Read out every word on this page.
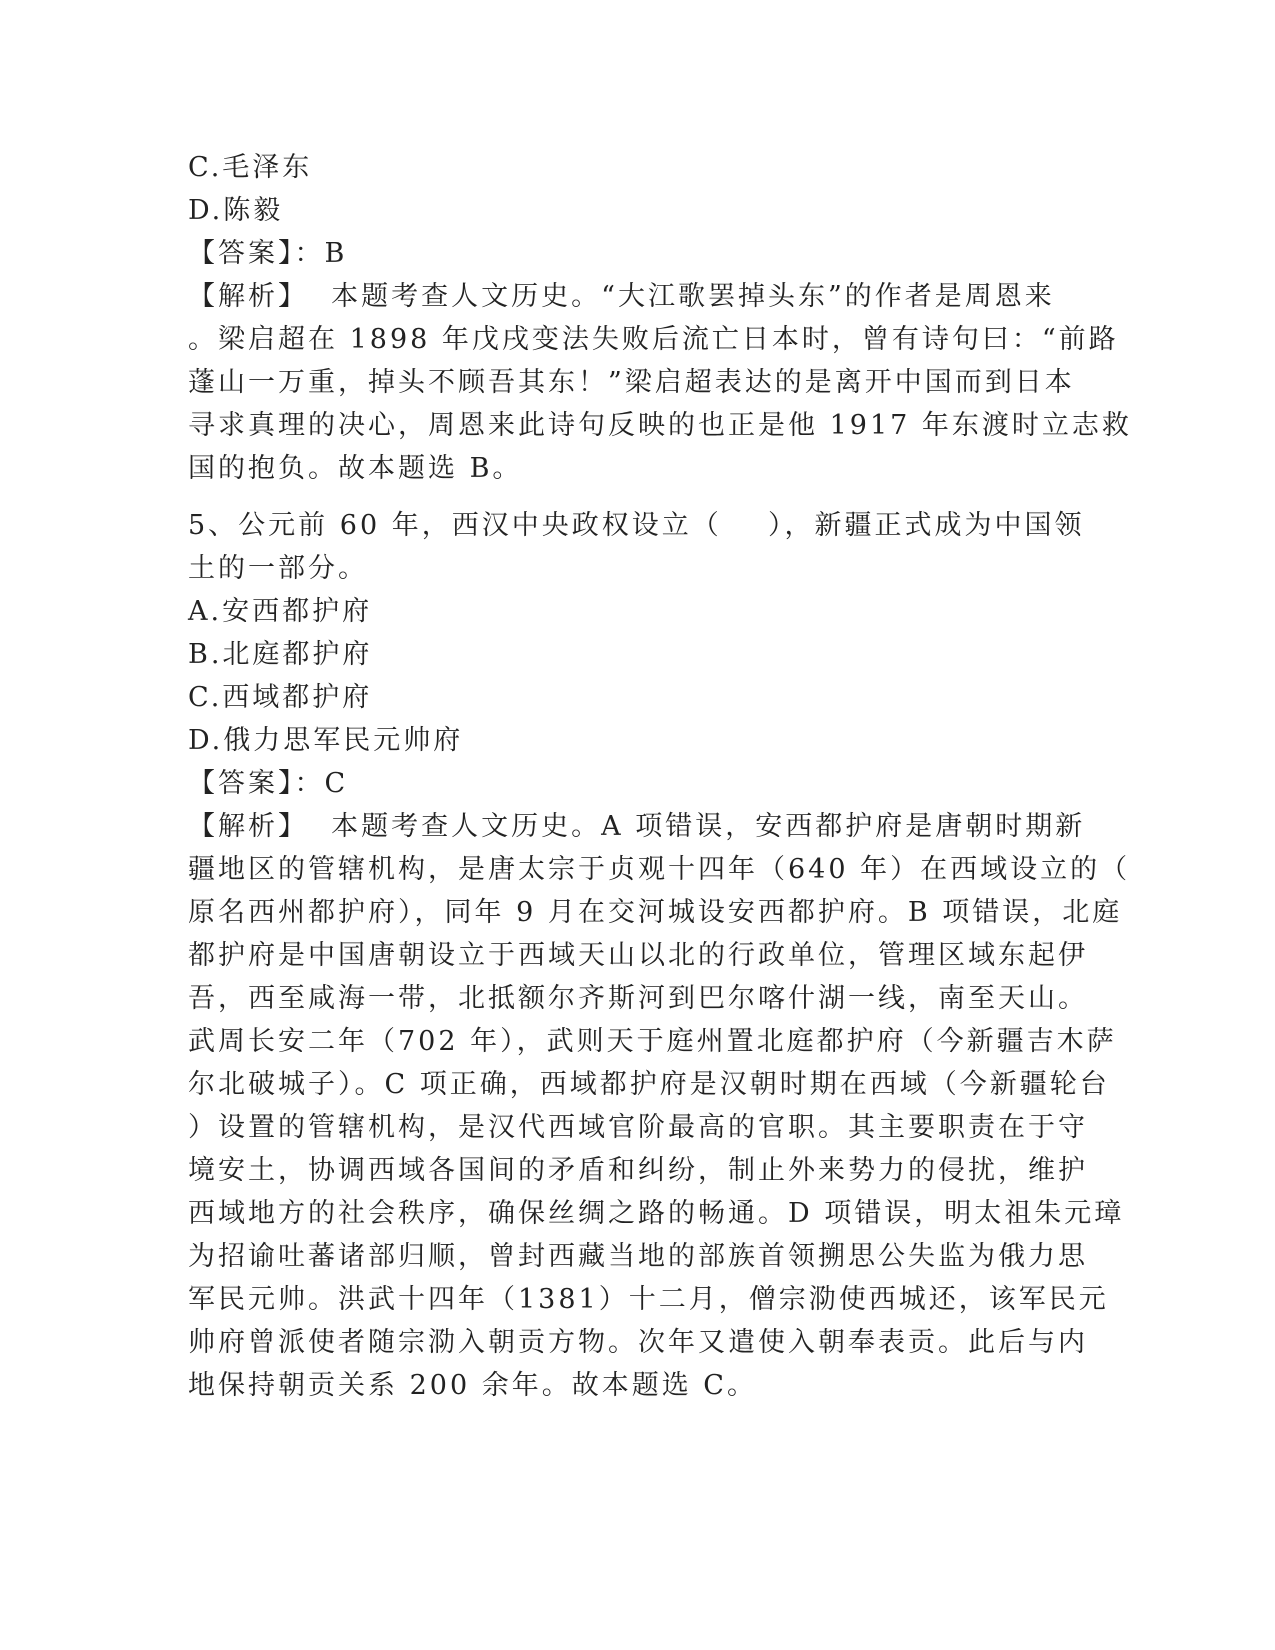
C.毛泽东
D.陈毅
【答案】：B
【解析】  本题考查人文历史。“大江歌罢掉头东”的作者是周恩来
。梁启超在 1898 年戊戌变法失败后流亡日本时，曾有诗句曰：“前路
蓬山一万重，掉头不顾吾其东！”梁启超表达的是离开中国而到日本
寻求真理的决心，周恩来此诗句反映的也正是他 1917 年东渡时立志救
国的抱负。故本题选 B。
5、公元前 60 年，西汉中央政权设立（    ），新疆正式成为中国领
土的一部分。
A.安西都护府
B.北庭都护府
C.西域都护府
D.俄力思军民元帅府
【答案】：C
【解析】  本题考查人文历史。A 项错误，安西都护府是唐朝时期新
疆地区的管辖机构，是唐太宗于贞观十四年（640 年）在西域设立的（
原名西州都护府），同年 9 月在交河城设安西都护府。B 项错误，北庭
都护府是中国唐朝设立于西域天山以北的行政单位，管理区域东起伊
吾，西至咸海一带，北抵额尔齐斯河到巴尔喀什湖一线，南至天山。
武周长安二年（702 年），武则天于庭州置北庭都护府（今新疆吉木萨
尔北破城子）。C 项正确，西域都护府是汉朝时期在西域（今新疆轮台
）设置的管辖机构，是汉代西域官阶最高的官职。其主要职责在于守
境安土，协调西域各国间的矛盾和纠纷，制止外来势力的侵扰，维护
西域地方的社会秩序，确保丝绸之路的畅通。D 项错误，明太祖朱元璋
为招谕吐蕃诸部归顺，曾封西藏当地的部族首领搠思公失监为俄力思
军民元帅。洪武十四年（1381）十二月，僧宗泐使西城还，该军民元
帅府曾派使者随宗泐入朝贡方物。次年又遣使入朝奉表贡。此后与内
地保持朝贡关系 200 余年。故本题选 C。
